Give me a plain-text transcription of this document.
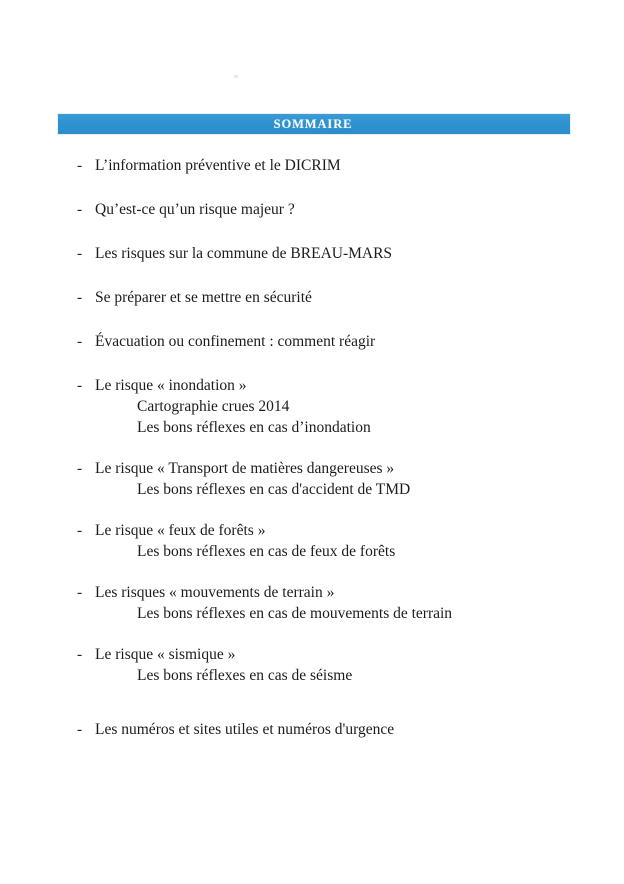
SOMMAIRE
- L’information préventive et le DICRIM
- Qu’est-ce qu’un risque majeur ?
- Les risques sur la commune de BREAU-MARS
- Se préparer et se mettre en sécurité
- Évacuation ou confinement : comment réagir
- Le risque « inondation »
Cartographie crues 2014
Les bons réflexes en cas d’inondation
- Le risque « Transport de matières dangereuses »
Les bons réflexes en cas d'accident de TMD
- Le risque « feux de forêts »
Les bons réflexes en cas de feux de forêts
- Les risques « mouvements de terrain »
Les bons réflexes en cas de mouvements de terrain
- Le risque « sismique »
Les bons réflexes en cas de séisme
- Les numéros et sites utiles et numéros d'urgence
